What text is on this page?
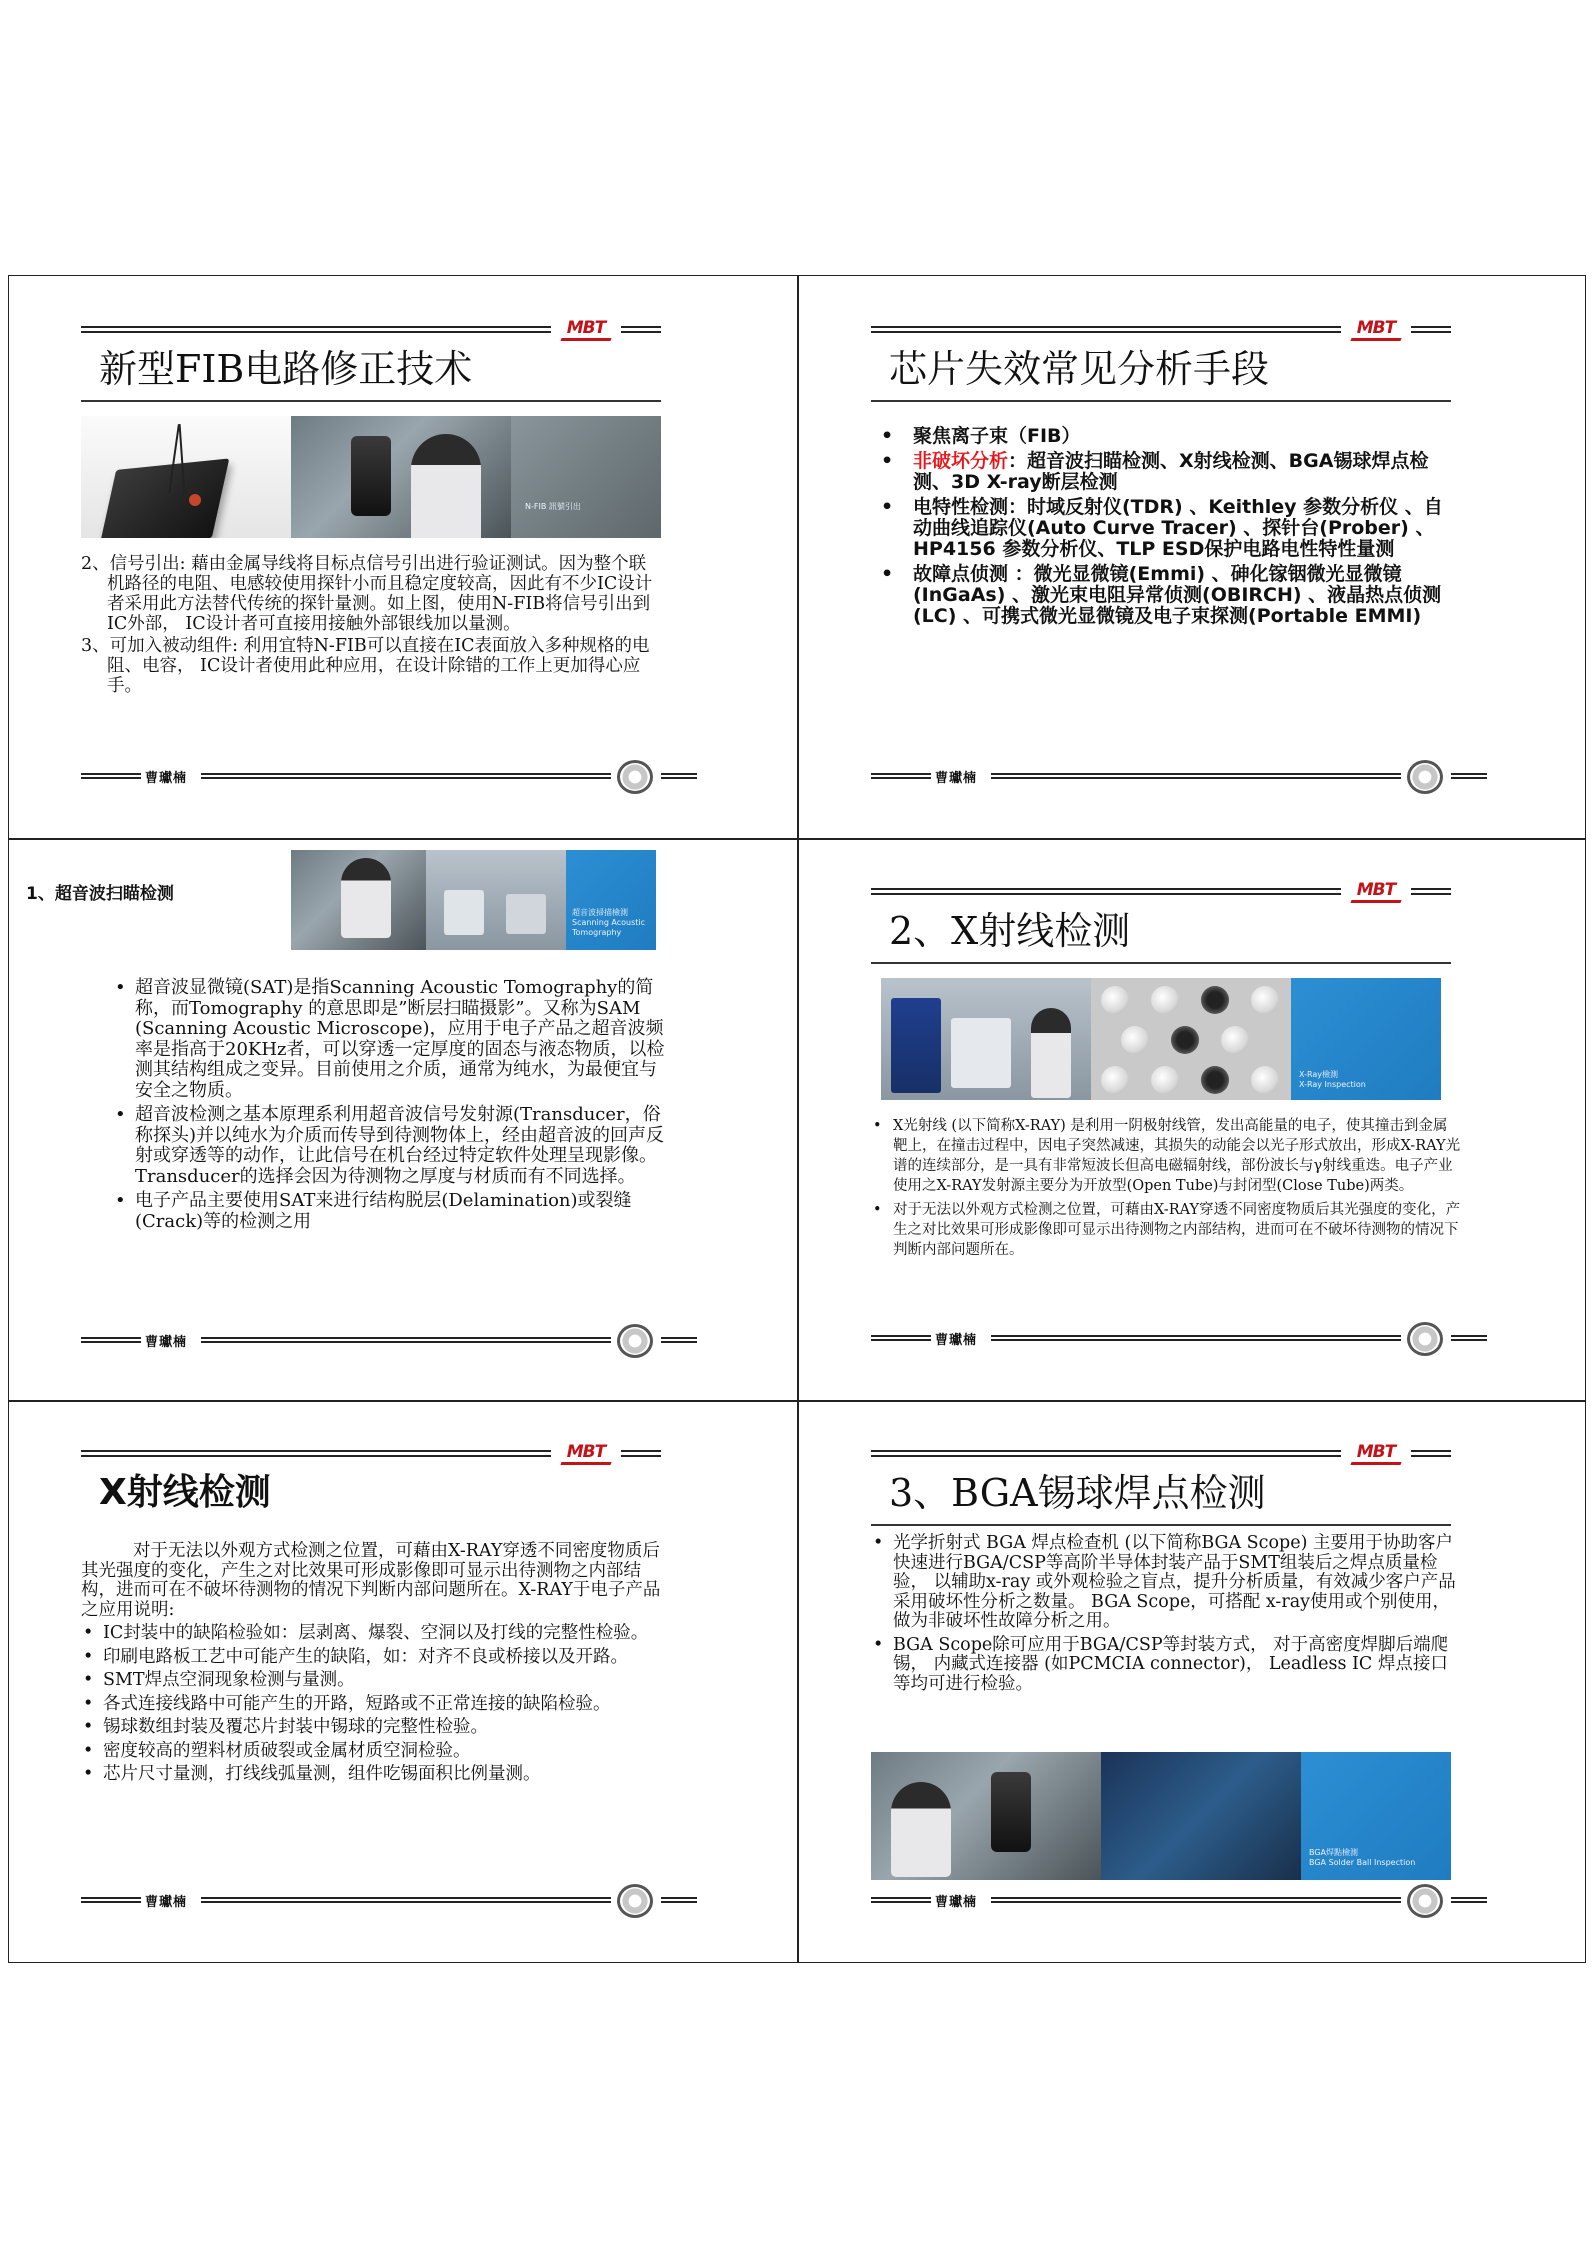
MBT
新型FIB电路修正技术
N-FIB 訊號引出

2、信号引出: 藉由金属导线将目标点信号引出进行验证测试。因为整个联机路径的电阻、电感较使用探针小而且稳定度较高，因此有不少IC设计者采用此方法替代传统的探针量测。如上图，使用N-FIB将信号引出到IC外部， IC设计者可直接用接触外部银线加以量测。

3、可加入被动组件: 利用宜特N-FIB可以直接在IC表面放入多种规格的电阻、电容， IC设计者使用此种应用，在设计除错的工作上更加得心应手。

曹瓛楠
MBT
芯片失效常见分析手段
• 聚焦离子束（FIB）
• 非破坏分析：超音波扫瞄检测、X射线检测、BGA锡球焊点检测、3D X-ray断层检测
• 电特性检测：时域反射仪(TDR) 、Keithley 参数分析仪 、自动曲线追踪仪(Auto Curve Tracer) 、探针台(Prober) 、HP4156 参数分析仪、TLP ESD保护电路电性特性量测
• 故障点侦测 ：微光显微镜(Emmi) 、砷化镓铟微光显微镜(InGaAs) 、激光束电阻异常侦测(OBIRCH) 、液晶热点侦测(LC) 、可携式微光显微镜及电子束探测(Portable EMMI)
曹瓛楠
1、超音波扫瞄检测
超音波掃描檢測
Scanning Acoustic
Tomography
• 超音波显微镜(SAT)是指Scanning Acoustic Tomography的简称，而Tomography 的意思即是”断层扫瞄摄影”。又称为SAM (Scanning Acoustic Microscope)，应用于电子产品之超音波频率是指高于20KHz者，可以穿透一定厚度的固态与液态物质，以检测其结构组成之变异。目前使用之介质，通常为纯水，为最便宜与安全之物质。
• 超音波检测之基本原理系利用超音波信号发射源(Transducer，俗称探头)并以纯水为介质而传导到待测物体上，经由超音波的回声反射或穿透等的动作，让此信号在机台经过特定软件处理呈现影像。Transducer的选择会因为待测物之厚度与材质而有不同选择。
• 电子产品主要使用SAT来进行结构脱层(Delamination)或裂缝(Crack)等的检测之用
曹瓛楠
MBT
2、X射线检测
X-Ray檢測
X-Ray Inspection
• X光射线 (以下简称X-RAY) 是利用一阴极射线管，发出高能量的电子，使其撞击到金属靶上，在撞击过程中，因电子突然减速，其损失的动能会以光子形式放出，形成X-RAY光谱的连续部分，是一具有非常短波长但高电磁辐射线，部份波长与γ射线重迭。电子产业使用之X-RAY发射源主要分为开放型(Open Tube)与封闭型(Close Tube)两类。
• 对于无法以外观方式检测之位置，可藉由X-RAY穿透不同密度物质后其光强度的变化，产生之对比效果可形成影像即可显示出待测物之内部结构，进而可在不破坏待测物的情况下判断内部问题所在。
曹瓛楠
MBT
X射线检测

对于无法以外观方式检测之位置，可藉由X-RAY穿透不同密度物质后其光强度的变化，产生之对比效果可形成影像即可显示出待测物之内部结构，进而可在不破坏待测物的情况下判断内部问题所在。X-RAY于电子产品之应用说明:

• IC封装中的缺陷检验如：层剥离、爆裂、空洞以及打线的完整性检验。
• 印刷电路板工艺中可能产生的缺陷，如：对齐不良或桥接以及开路。
• SMT焊点空洞现象检测与量测。
• 各式连接线路中可能产生的开路，短路或不正常连接的缺陷检验。
• 锡球数组封装及覆芯片封装中锡球的完整性检验。
• 密度较高的塑料材质破裂或金属材质空洞检验。
• 芯片尺寸量测，打线线弧量测，组件吃锡面积比例量测。
曹瓛楠
MBT
3、BGA锡球焊点检测
• 光学折射式 BGA 焊点检查机 (以下简称BGA Scope) 主要用于协助客户快速进行BGA/CSP等高阶半导体封装产品于SMT组装后之焊点质量检验， 以辅助x-ray 或外观检验之盲点，提升分析质量，有效减少客户产品采用破坏性分析之数量。 BGA Scope，可搭配 x-ray使用或个别使用， 做为非破坏性故障分析之用。
• BGA Scope除可应用于BGA/CSP等封装方式， 对于高密度焊脚后端爬锡， 内藏式连接器 (如PCMCIA connector)， Leadless IC 焊点接口等均可进行检验。
BGA焊點檢測
BGA Solder Ball Inspection
曹瓛楠
